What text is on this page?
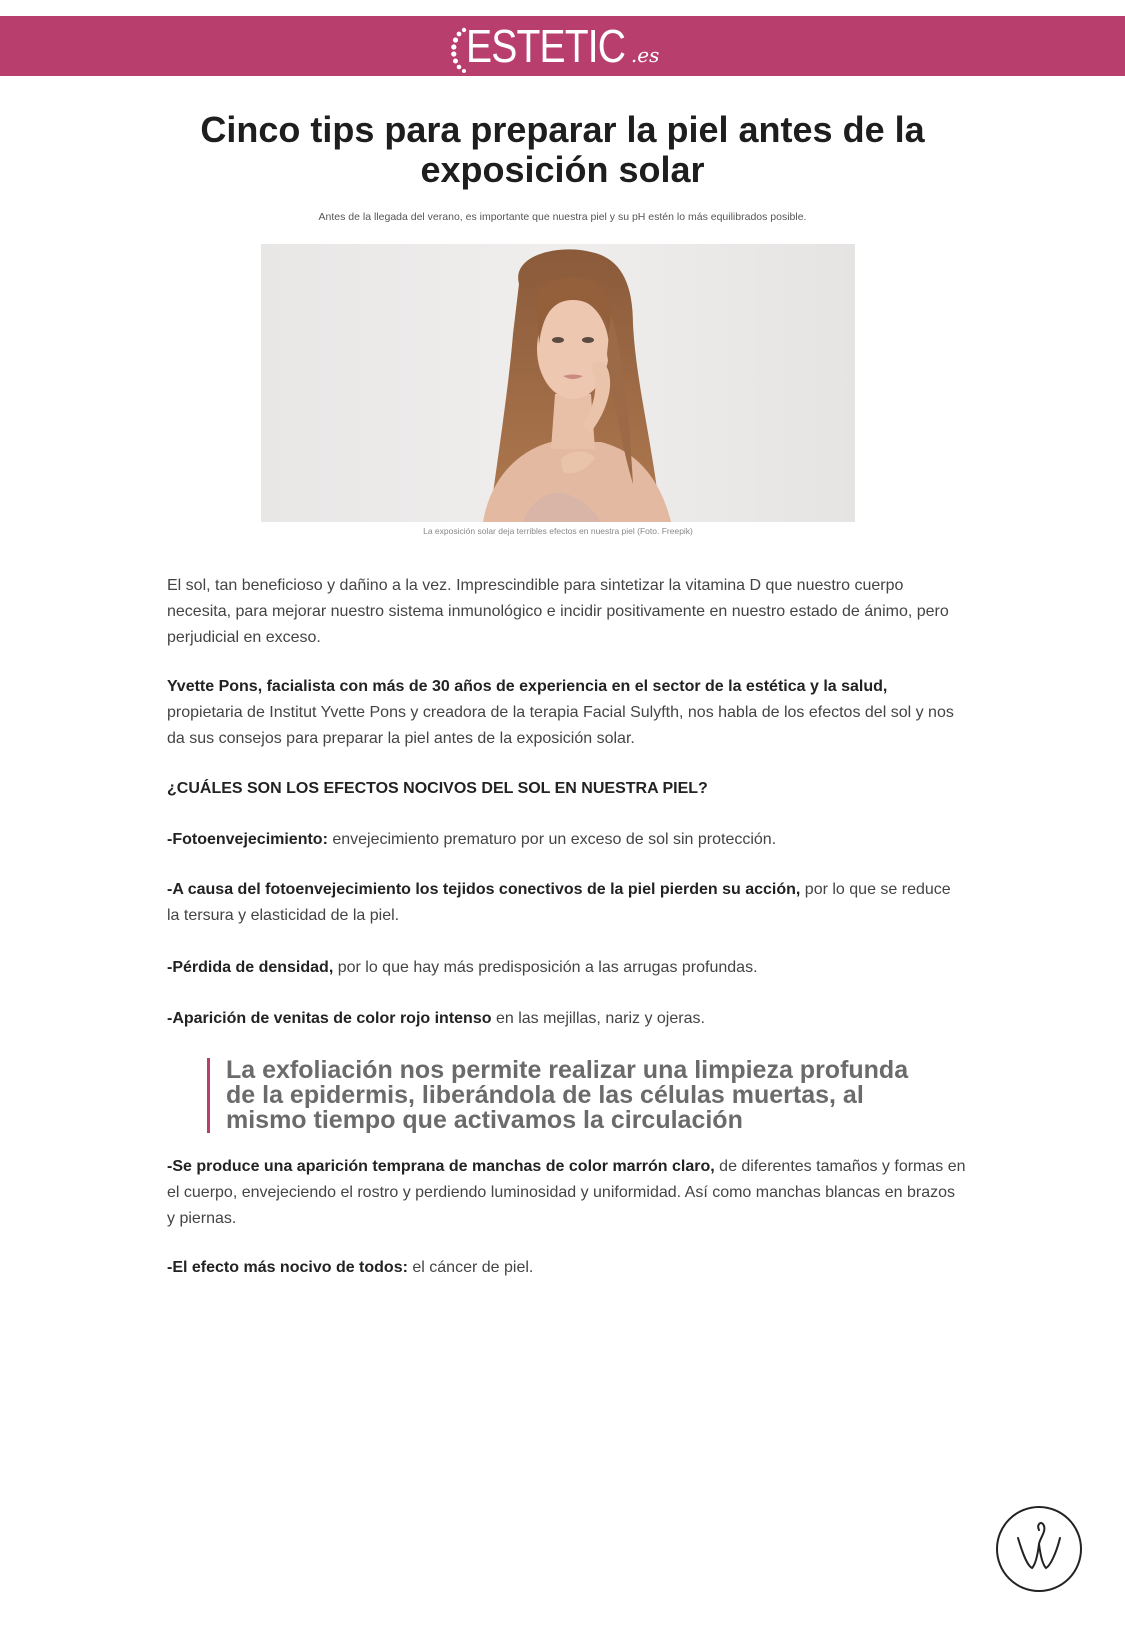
ESTETIC .es
Cinco tips para preparar la piel antes de la exposición solar

Antes de la llegada del verano, es importante que nuestra piel y su pH estén lo más equilibrados posible.

La exposición solar deja terribles efectos en nuestra piel (Foto. Freepik)

El sol, tan beneficioso y dañino a la vez. Imprescindible para sintetizar la vitamina D que nuestro cuerpo necesita, para mejorar nuestro sistema inmunológico e incidir positivamente en nuestro estado de ánimo, pero perjudicial en exceso.

Yvette Pons, facialista con más de 30 años de experiencia en el sector de la estética y la salud, propietaria de Institut Yvette Pons y creadora de la terapia Facial Sulyfth, nos habla de los efectos del sol y nos da sus consejos para preparar la piel antes de la exposición solar.

¿CUÁLES SON LOS EFECTOS NOCIVOS DEL SOL EN NUESTRA PIEL?

-Fotoenvejecimiento: envejecimiento prematuro por un exceso de sol sin protección.

-A causa del fotoenvejecimiento los tejidos conectivos de la piel pierden su acción, por lo que se reduce la tersura y elasticidad de la piel.

-Pérdida de densidad, por lo que hay más predisposición a las arrugas profundas.

-Aparición de venitas de color rojo intenso en las mejillas, nariz y ojeras.

La exfoliación nos permite realizar una limpieza profunda de la epidermis, liberándola de las células muertas, al mismo tiempo que activamos la circulación

-Se produce una aparición temprana de manchas de color marrón claro, de diferentes tamaños y formas en el cuerpo, envejeciendo el rostro y perdiendo luminosidad y uniformidad. Así como manchas blancas en brazos y piernas.

-El efecto más nocivo de todos: el cáncer de piel.
